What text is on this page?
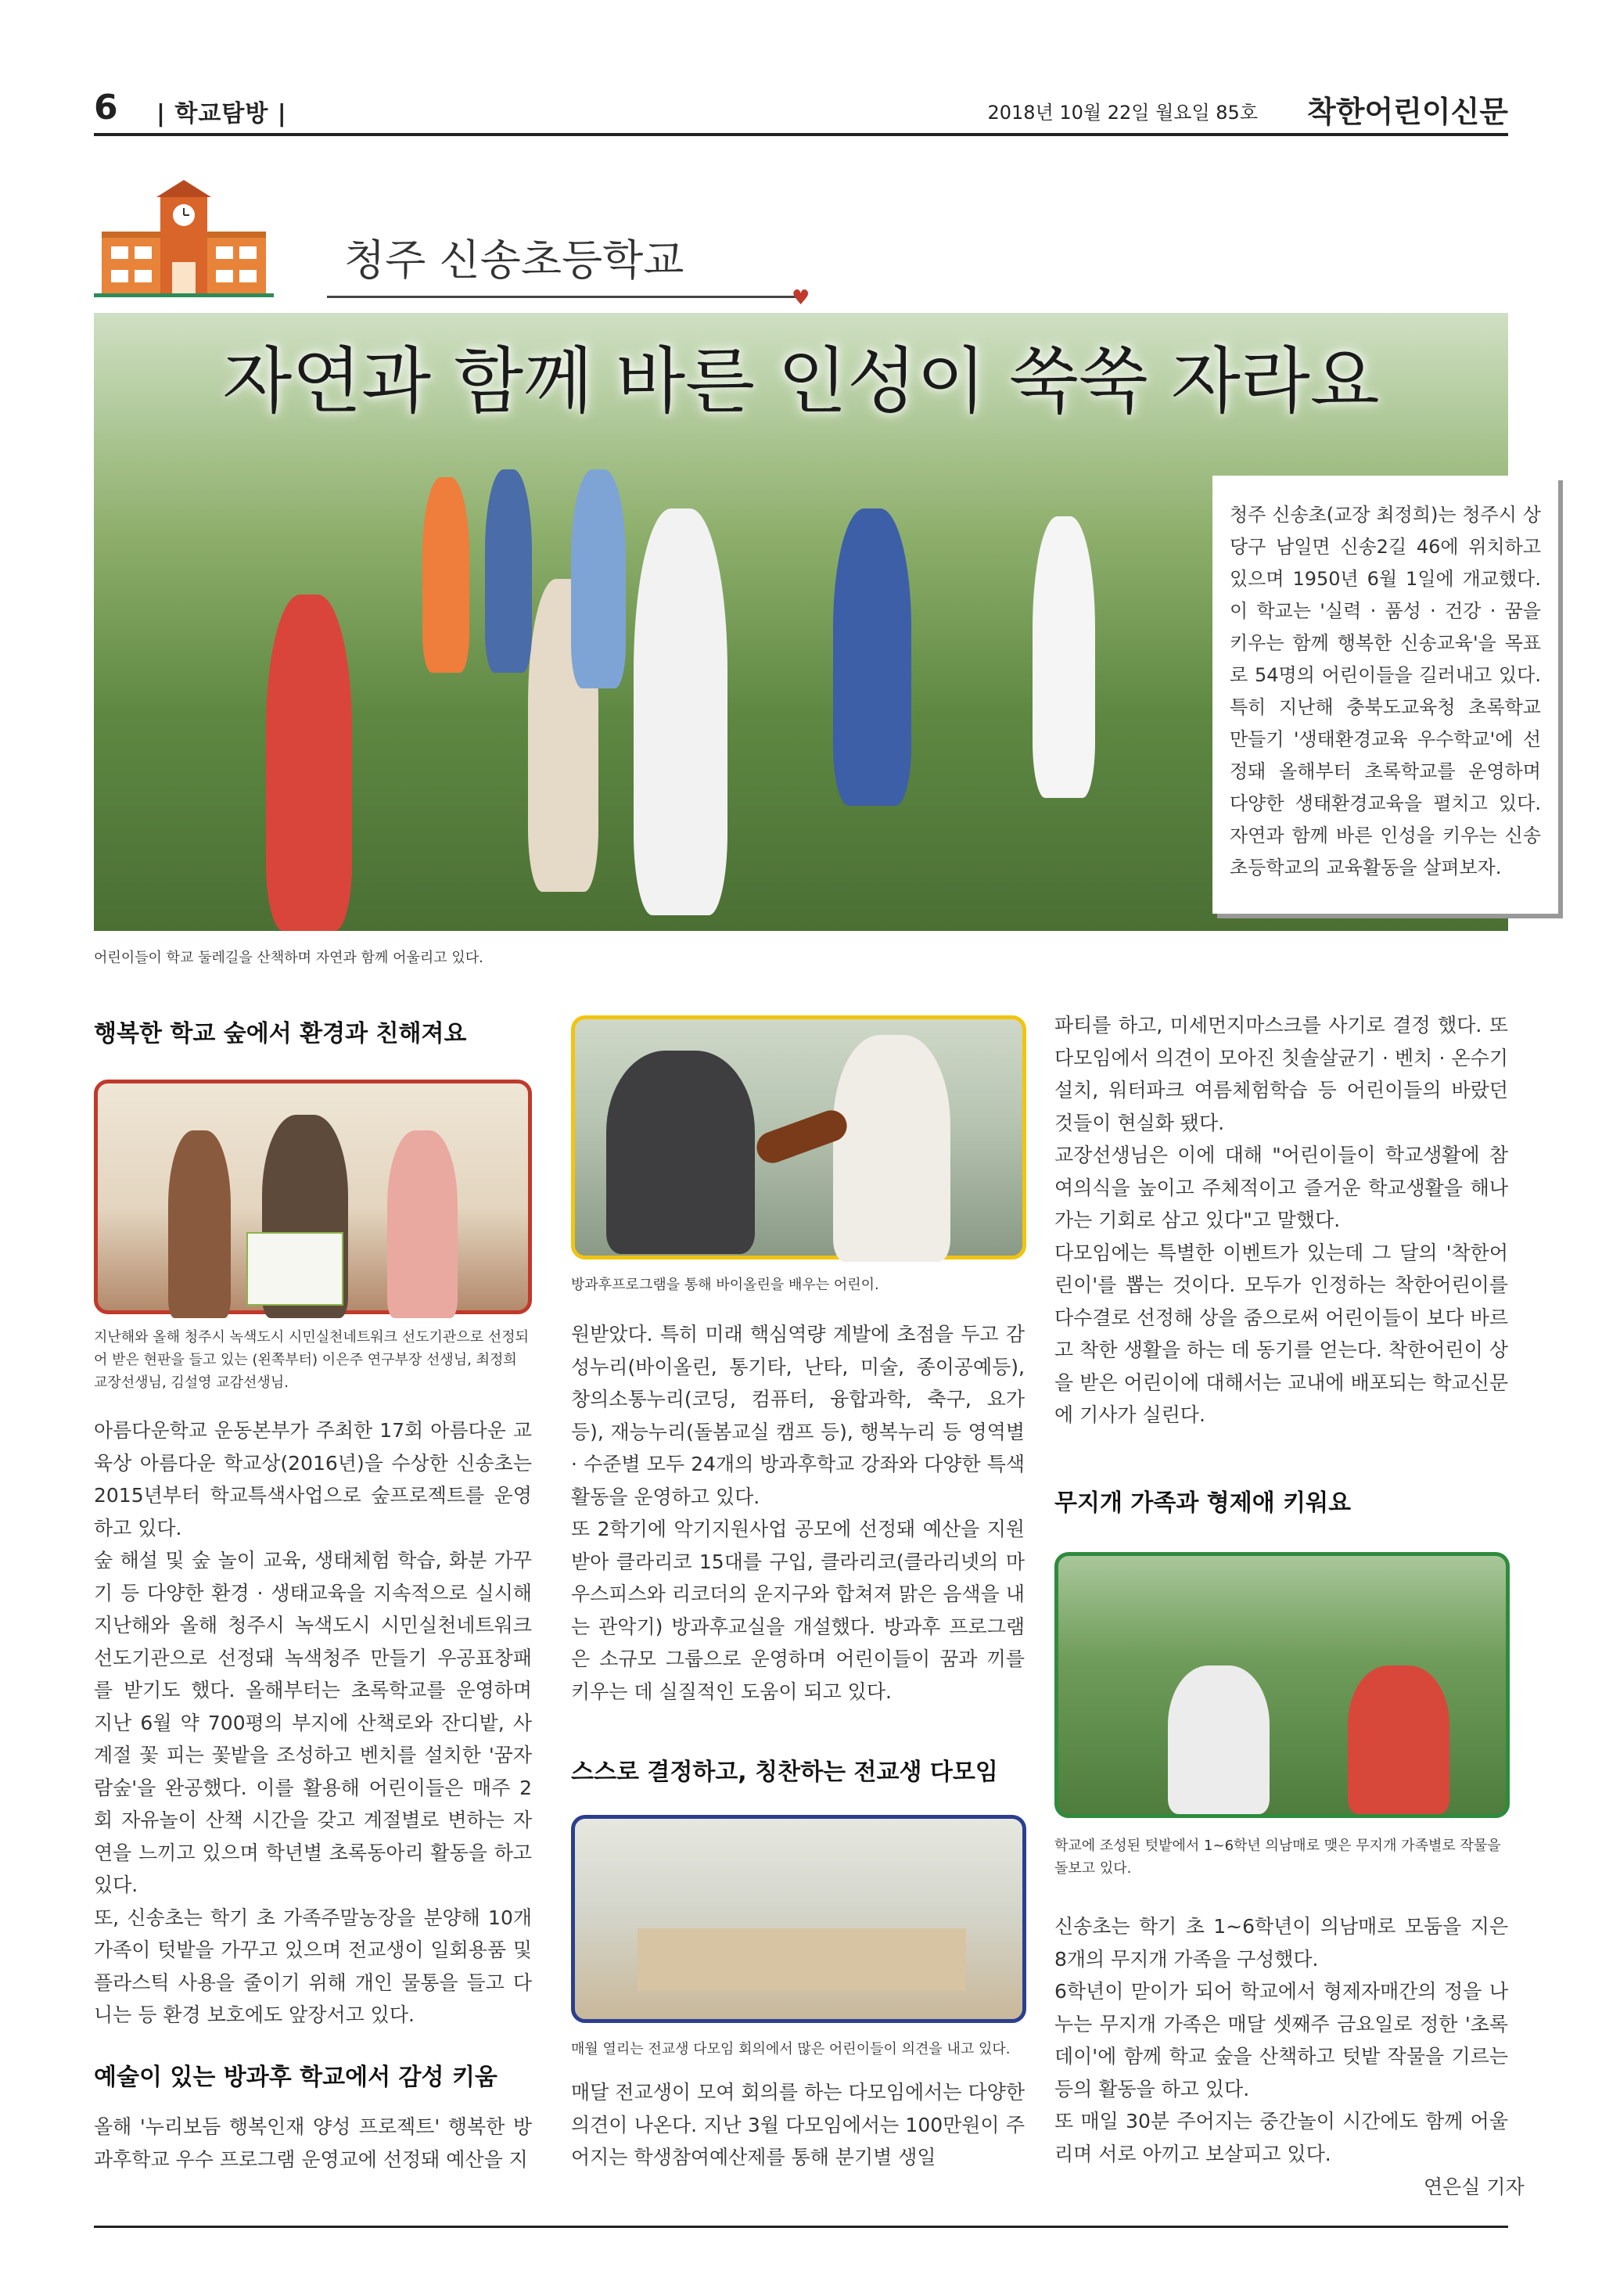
6 | 학교탐방 |	2018년 10월 22일 월요일 85호 착한어린이신문
청주 신송초등학교
♥
자연과 함께 바른 인성이 쑥쑥 자라요
청주 신송초(교장 최정희)는 청주시 상당구 남일면 신송2길 46에 위치하고 있으며 1950년 6월 1일에 개교했다. 이 학교는 '실력 · 품성 · 건강 · 꿈을 키우는 함께 행복한 신송교육'을 목표로 54명의 어린이들을 길러내고 있다. 특히 지난해 충북도교육청 초록학교 만들기 '생태환경교육 우수학교'에 선정돼 올해부터 초록학교를 운영하며 다양한 생태환경교육을 펼치고 있다. 자연과 함께 바른 인성을 키우는 신송초등학교의 교육활동을 살펴보자.
어린이들이 학교 둘레길을 산책하며 자연과 함께 어울리고 있다.
행복한 학교 숲에서 환경과 친해져요
지난해와 올해 청주시 녹색도시 시민실천네트워크 선도기관으로 선정되어 받은 현판을 들고 있는 (왼쪽부터) 이은주 연구부장 선생님, 최정희 교장선생님, 김설영 교감선생님.
아름다운학교 운동본부가 주최한 17회 아름다운 교육상 아름다운 학교상(2016년)을 수상한 신송초는 2015년부터 학교특색사업으로 숲프로젝트를 운영하고 있다.
숲 해설 및 숲 놀이 교육, 생태체험 학습, 화분 가꾸기 등 다양한 환경 · 생태교육을 지속적으로 실시해 지난해와 올해 청주시 녹색도시 시민실천네트워크 선도기관으로 선정돼 녹색청주 만들기 우공표창패를 받기도 했다. 올해부터는 초록학교를 운영하며 지난 6월 약 700평의 부지에 산책로와 잔디밭, 사계절 꽃 피는 꽃밭을 조성하고 벤치를 설치한 '꿈자람숲'을 완공했다. 이를 활용해 어린이들은 매주 2회 자유놀이 산책 시간을 갖고 계절별로 변하는 자연을 느끼고 있으며 학년별 초록동아리 활동을 하고 있다.
또, 신송초는 학기 초 가족주말농장을 분양해 10개 가족이 텃밭을 가꾸고 있으며 전교생이 일회용품 및 플라스틱 사용을 줄이기 위해 개인 물통을 들고 다니는 등 환경 보호에도 앞장서고 있다.
예술이 있는 방과후 학교에서 감성 키움
올해 '누리보듬 행복인재 양성 프로젝트' 행복한 방과후학교 우수 프로그램 운영교에 선정돼 예산을 지
방과후프로그램을 통해 바이올린을 배우는 어린이.
원받았다. 특히 미래 핵심역량 계발에 초점을 두고 감성누리(바이올린, 통기타, 난타, 미술, 종이공예등), 창의소통누리(코딩, 컴퓨터, 융합과학, 축구, 요가 등), 재능누리(돌봄교실 캠프 등), 행복누리 등 영역별 · 수준별 모두 24개의 방과후학교 강좌와 다양한 특색활동을 운영하고 있다.
또 2학기에 악기지원사업 공모에 선정돼 예산을 지원받아 클라리코 15대를 구입, 클라리코(클라리넷의 마우스피스와 리코더의 운지구와 합쳐져 맑은 음색을 내는 관악기) 방과후교실을 개설했다. 방과후 프로그램은 소규모 그룹으로 운영하며 어린이들이 꿈과 끼를 키우는 데 실질적인 도움이 되고 있다.
스스로 결정하고, 칭찬하는 전교생 다모임
매월 열리는 전교생 다모임 회의에서 많은 어린이들이 의견을 내고 있다.
매달 전교생이 모여 회의를 하는 다모임에서는 다양한 의견이 나온다. 지난 3월 다모임에서는 100만원이 주어지는 학생참여예산제를 통해 분기별 생일
파티를 하고, 미세먼지마스크를 사기로 결정 했다. 또 다모임에서 의견이 모아진 칫솔살균기 · 벤치 · 온수기 설치, 워터파크 여름체험학습 등 어린이들의 바랐던 것들이 현실화 됐다.
교장선생님은 이에 대해 "어린이들이 학교생활에 참여의식을 높이고 주체적이고 즐거운 학교생활을 해나가는 기회로 삼고 있다"고 말했다.
다모임에는 특별한 이벤트가 있는데 그 달의 '착한어린이'를 뽑는 것이다. 모두가 인정하는 착한어린이를 다수결로 선정해 상을 줌으로써 어린이들이 보다 바르고 착한 생활을 하는 데 동기를 얻는다. 착한어린이 상을 받은 어린이에 대해서는 교내에 배포되는 학교신문에 기사가 실린다.
무지개 가족과 형제애 키워요
학교에 조성된 텃밭에서 1~6학년 의남매로 맺은 무지개 가족별로 작물을 돌보고 있다.
신송초는 학기 초 1~6학년이 의남매로 모둠을 지은 8개의 무지개 가족을 구성했다.
6학년이 맏이가 되어 학교에서 형제자매간의 정을 나누는 무지개 가족은 매달 셋째주 금요일로 정한 '초록데이'에 함께 학교 숲을 산책하고 텃밭 작물을 기르는 등의 활동을 하고 있다.
또 매일 30분 주어지는 중간놀이 시간에도 함께 어울리며 서로 아끼고 보살피고 있다.
연은실 기자
